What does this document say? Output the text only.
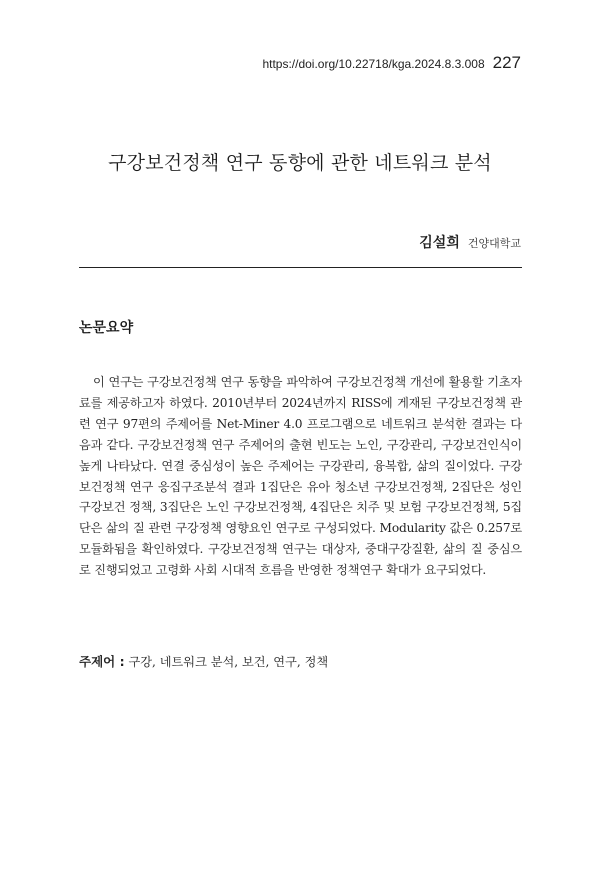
https://doi.org/10.22718/kga.2024.8.3.008 227
구강보건정책 연구 동향에 관한 네트워크 분석
김설희 건양대학교
논문요약

이 연구는 구강보건정책 연구 동향을 파악하여 구강보건정책 개선에 활용할 기초자료를 제공하고자 하였다. 2010년부터 2024년까지 RISS에 게재된 구강보건정책 관련 연구 97편의 주제어를 Net-Miner 4.0 프로그램으로 네트워크 분석한 결과는 다음과 같다. 구강보건정책 연구 주제어의 출현 빈도는 노인, 구강관리, 구강보건인식이 높게 나타났다. 연결 중심성이 높은 주제어는 구강관리, 융복합, 삶의 질이었다. 구강보건정책 연구 응집구조분석 결과 1집단은 유아 청소년 구강보건정책, 2집단은 성인 구강보건 정책, 3집단은 노인 구강보건정책, 4집단은 치주 및 보험 구강보건정책, 5집단은 삶의 질 관련 구강정책 영향요인 연구로 구성되었다. Modularity 값은 0.257로 모듈화됨을 확인하였다. 구강보건정책 연구는 대상자, 중대구강질환, 삶의 질 중심으로 진행되었고 고령화 사회 시대적 흐름을 반영한 정책연구 확대가 요구되었다.

주제어 : 구강, 네트워크 분석, 보건, 연구, 정책
